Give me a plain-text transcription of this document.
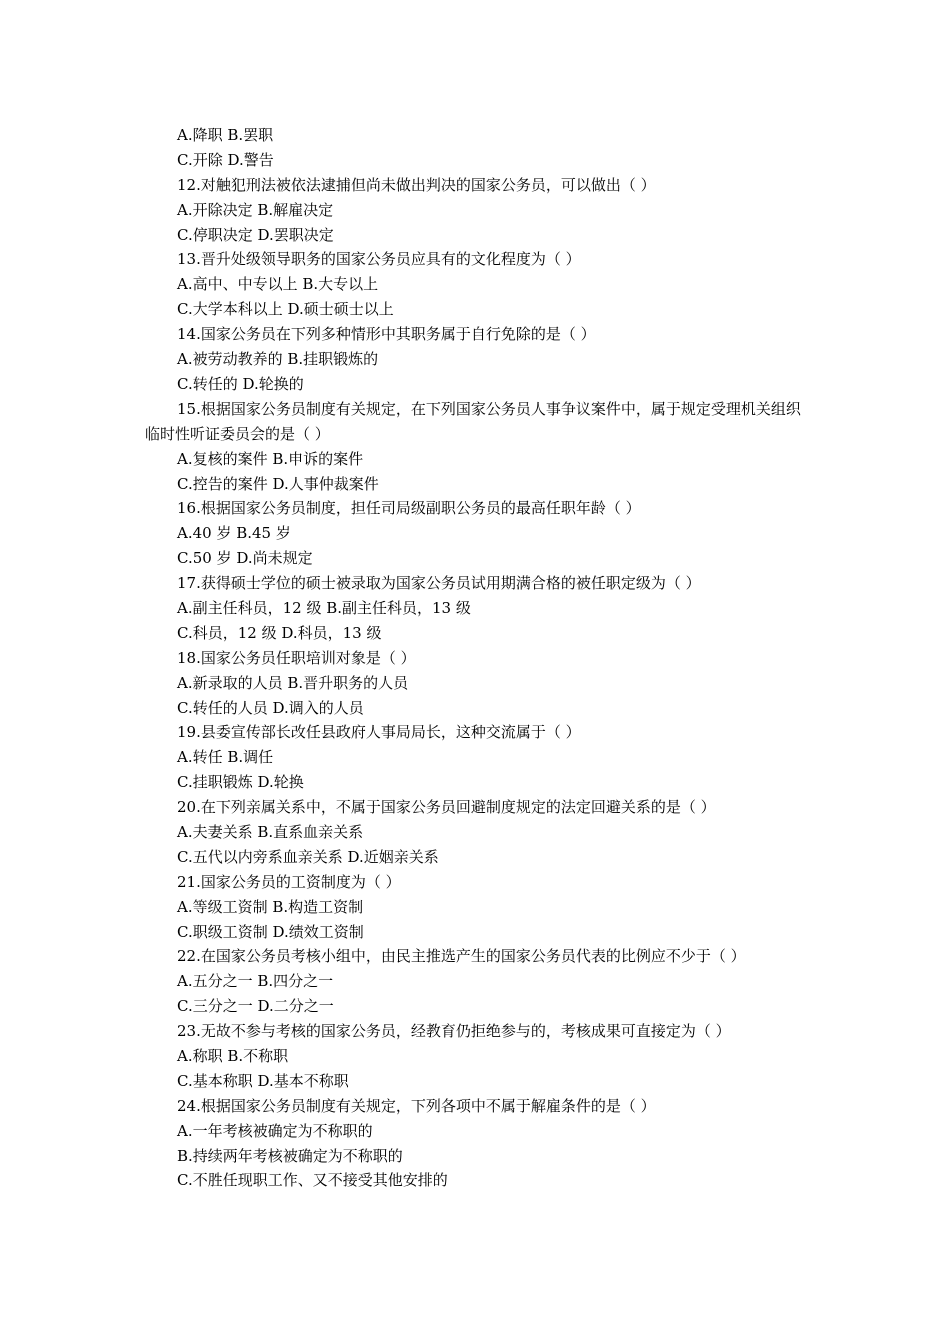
A.降职 B.罢职
C.开除 D.警告
12.对触犯刑法被依法逮捕但尚未做出判决的国家公务员，可以做出（ ）
A.开除决定 B.解雇决定
C.停职决定 D.罢职决定
13.晋升处级领导职务的国家公务员应具有的文化程度为（ ）
A.高中、中专以上 B.大专以上
C.大学本科以上 D.硕士硕士以上
14.国家公务员在下列多种情形中其职务属于自行免除的是（ ）
A.被劳动教养的 B.挂职锻炼的
C.转任的 D.轮换的
15.根据国家公务员制度有关规定，在下列国家公务员人事争议案件中，属于规定受理机关组织临时性听证委员会的是（ ）
A.复核的案件 B.申诉的案件
C.控告的案件 D.人事仲裁案件
16.根据国家公务员制度，担任司局级副职公务员的最高任职年龄（ ）
A.40 岁 B.45 岁
C.50 岁 D.尚未规定
17.获得硕士学位的硕士被录取为国家公务员试用期满合格的被任职定级为（ ）
A.副主任科员，12 级 B.副主任科员，13 级
C.科员，12 级 D.科员，13 级
18.国家公务员任职培训对象是（ ）
A.新录取的人员 B.晋升职务的人员
C.转任的人员 D.调入的人员
19.县委宣传部长改任县政府人事局局长，这种交流属于（ ）
A.转任 B.调任
C.挂职锻炼 D.轮换
20.在下列亲属关系中，不属于国家公务员回避制度规定的法定回避关系的是（ ）
A.夫妻关系 B.直系血亲关系
C.五代以内旁系血亲关系 D.近姻亲关系
21.国家公务员的工资制度为（ ）
A.等级工资制 B.构造工资制
C.职级工资制 D.绩效工资制
22.在国家公务员考核小组中，由民主推选产生的国家公务员代表的比例应不少于（ ）
A.五分之一 B.四分之一
C.三分之一 D.二分之一
23.无故不参与考核的国家公务员，经教育仍拒绝参与的，考核成果可直接定为（ ）
A.称职 B.不称职
C.基本称职 D.基本不称职
24.根据国家公务员制度有关规定，下列各项中不属于解雇条件的是（ ）
A.一年考核被确定为不称职的
B.持续两年考核被确定为不称职的
C.不胜任现职工作、又不接受其他安排的
